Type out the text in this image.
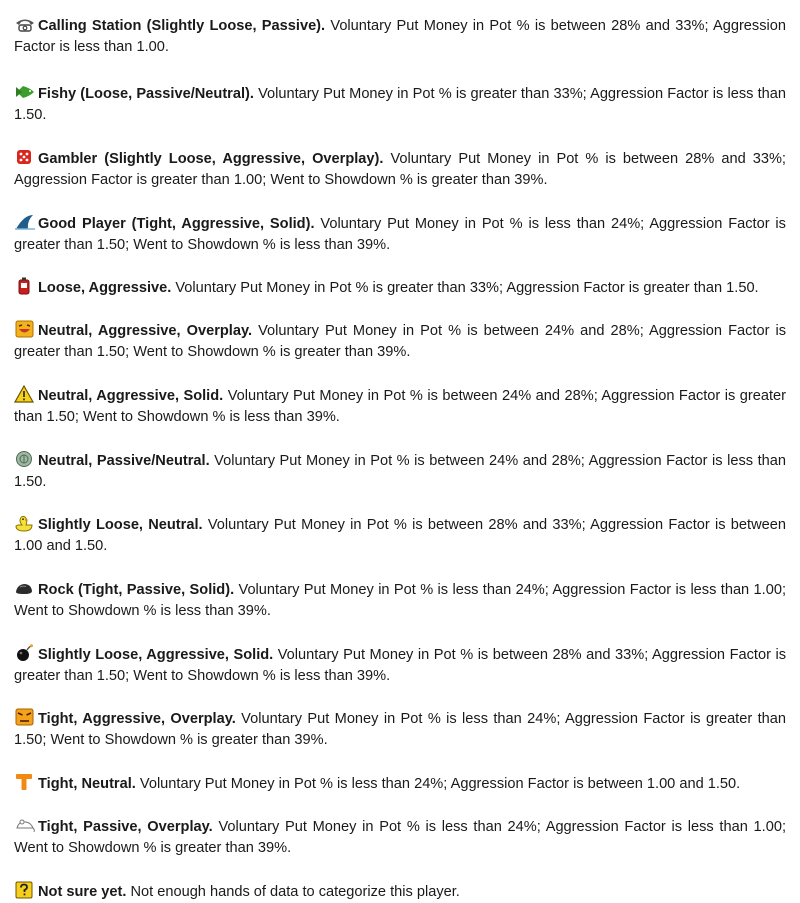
Calling Station (Slightly Loose, Passive). Voluntary Put Money in Pot % is between 28% and 33%; Aggression Factor is less than 1.00.

Fishy (Loose, Passive/Neutral). Voluntary Put Money in Pot % is greater than 33%; Aggression Factor is less than 1.50.

Gambler (Slightly Loose, Aggressive, Overplay). Voluntary Put Money in Pot % is between 28% and 33%; Aggression Factor is greater than 1.00; Went to Showdown % is greater than 39%.

Good Player (Tight, Aggressive, Solid). Voluntary Put Money in Pot % is less than 24%; Aggression Factor is greater than 1.50; Went to Showdown % is less than 39%.

Loose, Aggressive. Voluntary Put Money in Pot % is greater than 33%; Aggression Factor is greater than 1.50.

Neutral, Aggressive, Overplay. Voluntary Put Money in Pot % is between 24% and 28%; Aggression Factor is greater than 1.50; Went to Showdown % is greater than 39%.

Neutral, Aggressive, Solid. Voluntary Put Money in Pot % is between 24% and 28%; Aggression Factor is greater than 1.50; Went to Showdown % is less than 39%.

Neutral, Passive/Neutral. Voluntary Put Money in Pot % is between 24% and 28%; Aggression Factor is less than 1.50.

Slightly Loose, Neutral. Voluntary Put Money in Pot % is between 28% and 33%; Aggression Factor is between 1.00 and 1.50.

Rock (Tight, Passive, Solid). Voluntary Put Money in Pot % is less than 24%; Aggression Factor is less than 1.00; Went to Showdown % is less than 39%.

Slightly Loose, Aggressive, Solid. Voluntary Put Money in Pot % is between 28% and 33%; Aggression Factor is greater than 1.50; Went to Showdown % is less than 39%.

Tight, Aggressive, Overplay. Voluntary Put Money in Pot % is less than 24%; Aggression Factor is greater than 1.50; Went to Showdown % is greater than 39%.

Tight, Neutral. Voluntary Put Money in Pot % is less than 24%; Aggression Factor is between 1.00 and 1.50.

Tight, Passive, Overplay. Voluntary Put Money in Pot % is less than 24%; Aggression Factor is less than 1.00; Went to Showdown % is greater than 39%.

Not sure yet. Not enough hands of data to categorize this player.
